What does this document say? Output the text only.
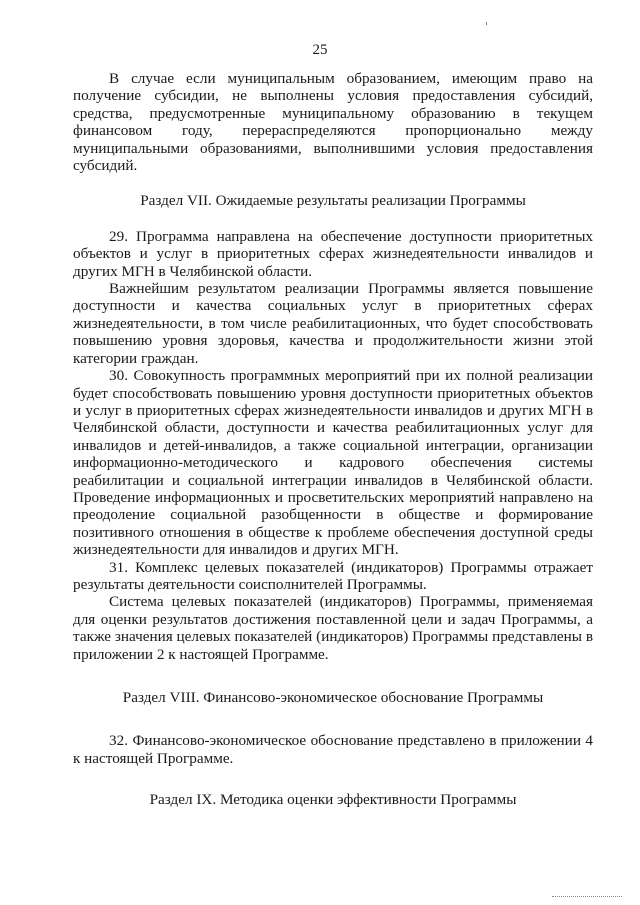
25

В случае если муниципальным образованием, имеющим право на получение субсидии, не выполнены условия предоставления субсидий, средства, предусмотренные муниципальному образованию в текущем финансовом году, перераспределяются пропорционально между муниципальными образованиями, выполнившими условия предоставления субсидий.

Раздел VII. Ожидаемые результаты реализации Программы

29. Программа направлена на обеспечение доступности приоритетных объектов и услуг в приоритетных сферах жизнедеятельности инвалидов и других МГН в Челябинской области.

Важнейшим результатом реализации Программы является повышение доступности и качества социальных услуг в приоритетных сферах жизнедеятельности, в том числе реабилитационных, что будет способствовать повышению уровня здоровья, качества и продолжительности жизни этой категории граждан.

30. Совокупность программных мероприятий при их полной реализации будет способствовать повышению уровня доступности приоритетных объектов и услуг в приоритетных сферах жизнедеятельности инвалидов и других МГН в Челябинской области, доступности и качества реабилитационных услуг для инвалидов и детей-инвалидов, а также социальной интеграции, организации информационно-методического и кадрового обеспечения системы реабилитации и социальной интеграции инвалидов в Челябинской области. Проведение информационных и просветительских мероприятий направлено на преодоление социальной разобщенности в обществе и формирование позитивного отношения в обществе к проблеме обеспечения доступной среды жизнедеятельности для инвалидов и других МГН.

31. Комплекс целевых показателей (индикаторов) Программы отражает результаты деятельности соисполнителей Программы.

Система целевых показателей (индикаторов) Программы, применяемая для оценки результатов достижения поставленной цели и задач Программы, а также значения целевых показателей (индикаторов) Программы представлены в приложении 2 к настоящей Программе.

Раздел VIII. Финансово-экономическое обоснование Программы

32. Финансово-экономическое обоснование представлено в приложении 4 к настоящей Программе.

Раздел IX. Методика оценки эффективности Программы
